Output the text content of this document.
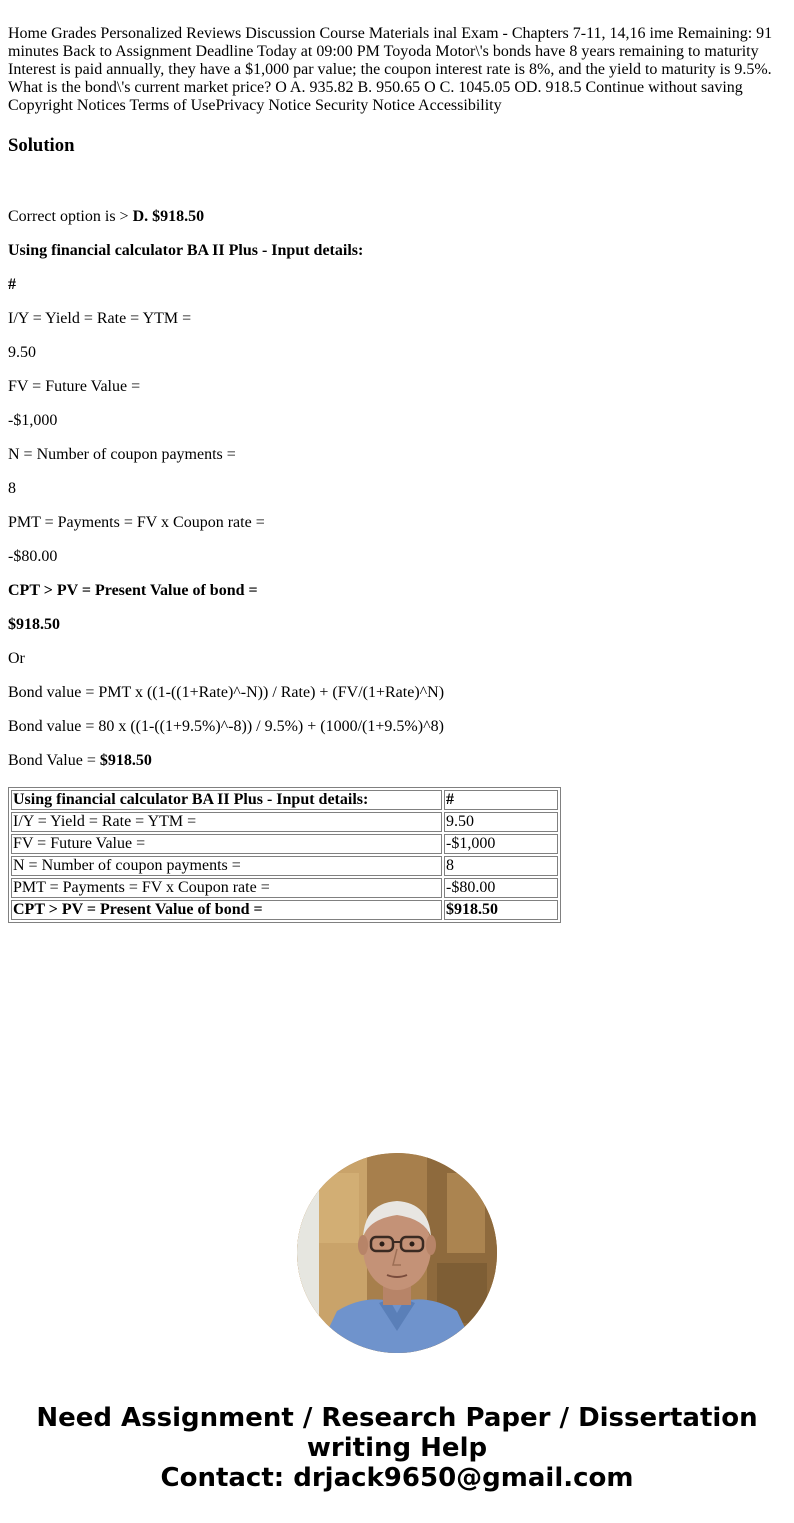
Home Grades Personalized Reviews Discussion Course Materials inal Exam - Chapters 7-11, 14,16 ime Remaining: 91 minutes Back to Assignment Deadline Today at 09:00 PM Toyoda Motor\'s bonds have 8 years remaining to maturity Interest is paid annually, they have a $1,000 par value; the coupon interest rate is 8%, and the yield to maturity is 9.5%. What is the bond\'s current market price? O A. 935.82 B. 950.65 O C. 1045.05 OD. 918.5 Continue without saving Copyright Notices Terms of UsePrivacy Notice Security Notice Accessibility

Solution

Correct option is > D. $918.50

Using financial calculator BA II Plus - Input details:

#

I/Y = Yield = Rate = YTM =

9.50

FV = Future Value =

-$1,000

N = Number of coupon payments =

8

PMT = Payments = FV x Coupon rate =

-$80.00

CPT > PV = Present Value of bond =

$918.50

Or

Bond value = PMT x ((1-((1+Rate)^-N)) / Rate) + (FV/(1+Rate)^N)

Bond value = 80 x ((1-((1+9.5%)^-8)) / 9.5%) + (1000/(1+9.5%)^8)

Bond Value = $918.50

Using financial calculator BA II Plus - Input details:	#
I/Y = Yield = Rate = YTM =	9.50
FV = Future Value =	-$1,000
N = Number of coupon payments =	8
PMT = Payments = FV x Coupon rate =	-$80.00
CPT > PV = Present Value of bond =	$918.50
Need Assignment / Research Paper / Dissertation
writing Help
Contact: drjack9650@gmail.com
